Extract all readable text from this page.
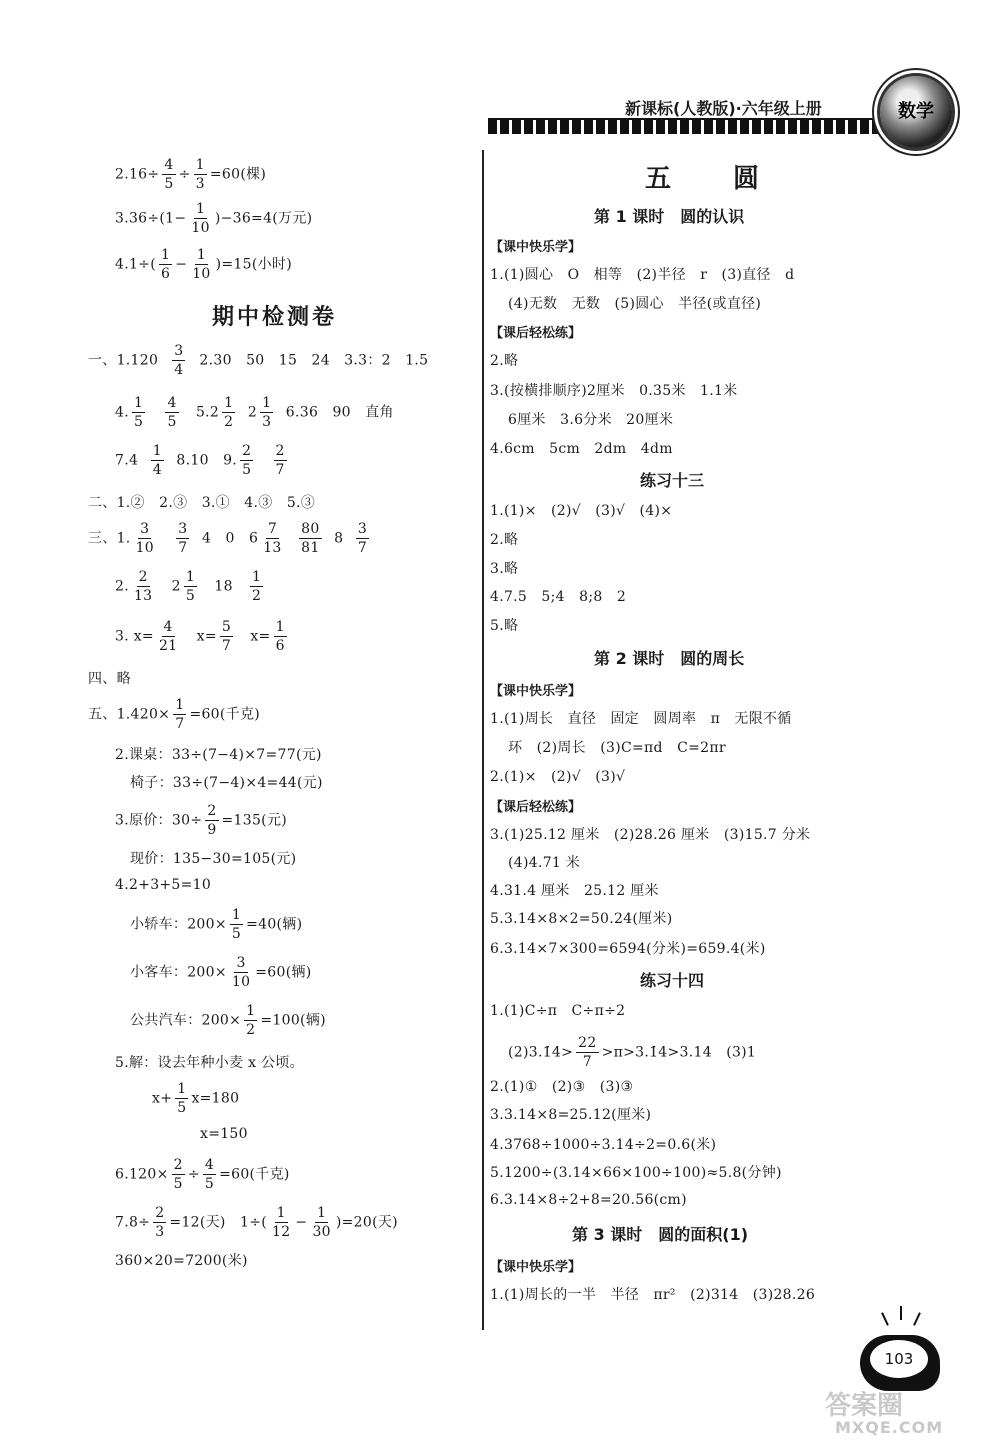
新课标(人教版)·六年级上册	数学
$2.16\div \frac{4}{5} \div \frac{1}{3} =60$(棵)
$3.36\div(1- \frac{1}{10} )-36=4$(万元)
$4.1\div( \frac{1}{6} - \frac{1}{10} )=15$(小时)
期中检测卷
一、$1.120 \frac{3}{4} 2.30$　50　15　24　3.3：2　1.5
4. $\frac{1}{5}$
$\frac{4}{5} 5.2 \frac{1}{2} 2 \frac{1}{3} 6.36$　90　直角
$7.4 \frac{1}{4} 8.10$　9. $\frac{2}{5}$
$\frac{2}{7}$
二、1.②　2.③　3.①　4.③　5.③
三、1. $\frac{3}{10}$
$\frac{3}{7} 4$　0　$6 \frac{7}{13}$
$\frac{80}{81} 8 \frac{3}{7}$
2. $\frac{2}{13} 2 \frac{1}{5} 18 \frac{1}{2}$
3. $x= \frac{4}{21} x= \frac{5}{7} x= \frac{1}{6}$
四、略
五、$1.420\times \frac{1}{7} =60$(千克)
2.课桌：33÷(7−4)×7=77(元)
椅子：33÷(7−4)×4=44(元)
3.原价：$30\div \frac{2}{9} =135$(元)
现价：135−30=105(元)
4.2+3+5=10
小轿车：$200\times \frac{1}{5} =40$(辆)
小客车：$200\times \frac{3}{10} =60$(辆)
公共汽车：$200\times \frac{1}{2} =100$(辆)
5.解：设去年种小麦 x 公顷。
$x+ \frac{1}{5} x=180$
x=150
$6.120\times \frac{2}{5} \div \frac{4}{5} =60$(千克)
$7.8\div \frac{2}{3} =12$(天)　$1\div( \frac{1}{12} - \frac{1}{30} )=20$(天)
360×20=7200(米)
五　圆
第 1 课时　圆的认识
【课中快乐学】
1.(1)圆心　O　相等　(2)半径　r　(3)直径　d
(4)无数　无数　(5)圆心　半径(或直径)
【课后轻松练】
2.略
3.(按横排顺序)2厘米　0.35米　1.1米
6厘米　3.6分米　20厘米
4.6cm　5cm　2dm　4dm
练习十三
1.(1)×　(2)√　(3)√　(4)×
2.略
3.略
4.7.5　5;4　8;8　2
5.略
第 2 课时　圆的周长
【课中快乐学】
1.(1)周长　直径　固定　圆周率　π　无限不循
环　(2)周长　(3)C=πd　C=2πr
2.(1)×　(2)√　(3)√
【课后轻松练】
3.(1)25.12 厘米　(2)28.26 厘米　(3)15.7 分米
(4)4.71 米
4.31.4 厘米　25.12 厘米
5.3.14×8×2=50.24(厘米)
6.3.14×7×300=6594(分米)=659.4(米)
练习十四
1.(1)C÷π　C÷π÷2
(2)3.1̇4̇> $\frac{22}{7}$ >π>3.1̇4̇>3.14　(3)1
2.(1)①　(2)③　(3)③
3.3.14×8=25.12(厘米)
4.3768÷1000÷3.14÷2=0.6(米)
5.1200÷(3.14×66×100÷100)≈5.8(分钟)
6.3.14×8÷2+8=20.56(cm)
第 3 课时　圆的面积(1)
【课中快乐学】
1.(1)周长的一半　半径　πr²　(2)314　(3)28.26
103
答案圈
MXQE.COM
